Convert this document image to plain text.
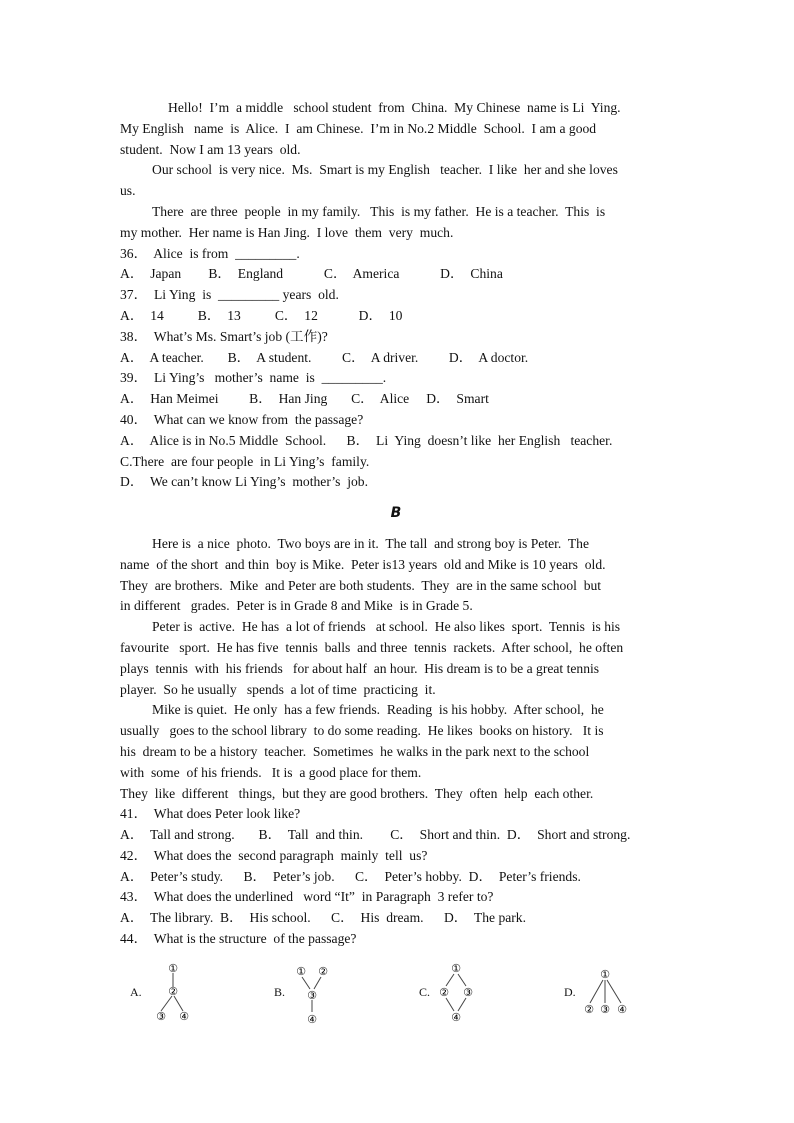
Hello!  I’m  a middle   school student  from  China.  My Chinese  name is Li  Ying.

My English   name  is  Alice.  I  am Chinese.  I’m in No.2 Middle  School.  I am a good

student.  Now I am 13 years  old.

Our school  is very nice.  Ms.  Smart is my English   teacher.  I like  her and she loves

us.

There  are three  people  in my family.   This  is my father.  He is a teacher.  This  is

my mother.  Her name is Han Jing.  I love  them  very  much.

36．  Alice  is from  _________.

A．  Japan        B．  England            C．  America            D．  China

37．  Li Ying  is  _________ years  old.

A．  14          B．  13          C．  12            D．  10

38．  What’s Ms. Smart’s job (工作)?

A．  A teacher.       B．  A student.         C．  A driver.         D．  A doctor.

39．  Li Ying’s   mother’s  name  is  _________.

A．  Han Meimei         B．  Han Jing       C．  Alice     D．  Smart

40．  What can we know from  the passage?

A．  Alice is in No.5 Middle  School.      B．  Li  Ying  doesn’t like  her English   teacher.

C.There  are four people  in Li Ying’s  family.

D．  We can’t know Li Ying’s  mother’s  job.

B

Here is  a nice  photo.  Two boys are in it.  The tall  and strong boy is Peter.  The

name  of the short  and thin  boy is Mike.  Peter is13 years  old and Mike is 10 years  old.

They  are brothers.  Mike  and Peter are both students.  They  are in the same school  but

in different   grades.  Peter is in Grade 8 and Mike  is in Grade 5.

Peter is  active.  He has  a lot of friends   at school.  He also likes  sport.  Tennis  is his

favourite   sport.  He has five  tennis  balls  and three  tennis  rackets.  After school,  he often

plays  tennis  with  his friends   for about half  an hour.  His dream is to be a great tennis

player.  So he usually   spends  a lot of time  practicing  it.

Mike is quiet.  He only  has a few friends.  Reading  is his hobby.  After school,  he

usually   goes to the school library  to do some reading.  He likes  books on history.   It is

his  dream to be a history  teacher.  Sometimes  he walks in the park next to the school

with  some  of his friends.   It is  a good place for them.

They  like  different   things,  but they are good brothers.  They  often  help  each other.

41．  What does Peter look like?

A．  Tall and strong.       B．  Tall  and thin.        C．  Short and thin.  D．  Short and strong.

42．  What does the  second paragraph  mainly  tell  us?

A．  Peter’s study.      B．  Peter’s job.      C．  Peter’s hobby.  D．  Peter’s friends.

43．  What does the underlined   word “It”  in Paragraph  3 refer to?

A．  The library.  B．  His school.      C．  His  dream.      D．  The park.

44．  What is the structure  of the passage?

A.
①
②
③ ④
B.
① ②
③
④
C.
①
② ③
④
D.
①
② ③ ④
